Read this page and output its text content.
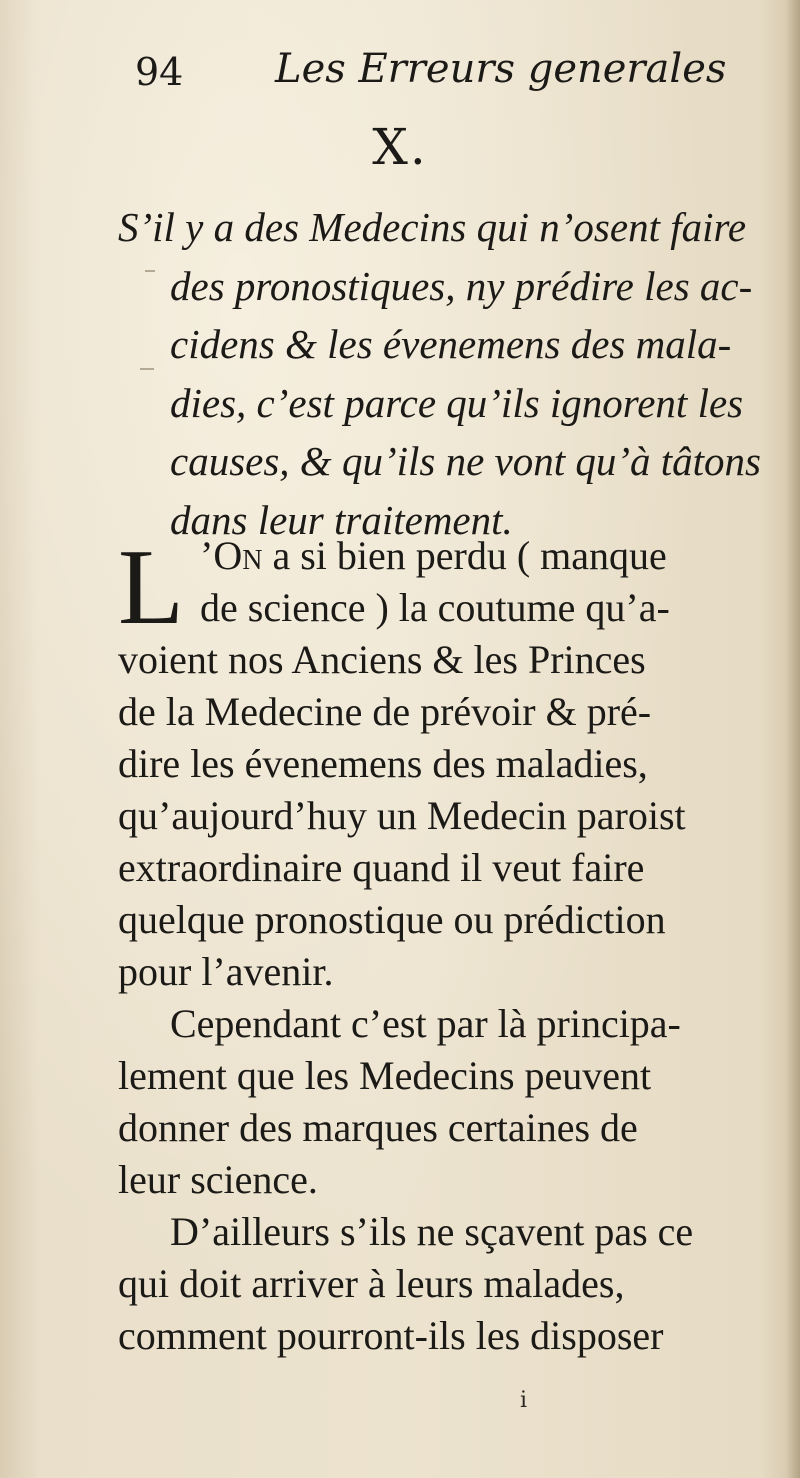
94 Les Erreurs generales
X.
S’il y a des Medecins qui n’osent faire
des pronostiques, ny prédire les ac-
cidens & les évenemens des mala-
dies, c’est parce qu’ils ignorent les
causes, & qu’ils ne vont qu’à tâtons
dans leur traitement.
L ’On a si bien perdu ( manque
de science ) la coutume qu’a-
voient nos Anciens & les Princes
de la Medecine de prévoir & pré-
dire les évenemens des maladies,
qu’aujourd’huy un Medecin paroist
extraordinaire quand il veut faire
quelque pronostique ou prédiction
pour l’avenir.
Cependant c’est par là principa-
lement que les Medecins peuvent
donner des marques certaines de
leur science.
D’ailleurs s’ils ne sçavent pas ce
qui doit arriver à leurs malades,
comment pourront-ils les disposer
i
